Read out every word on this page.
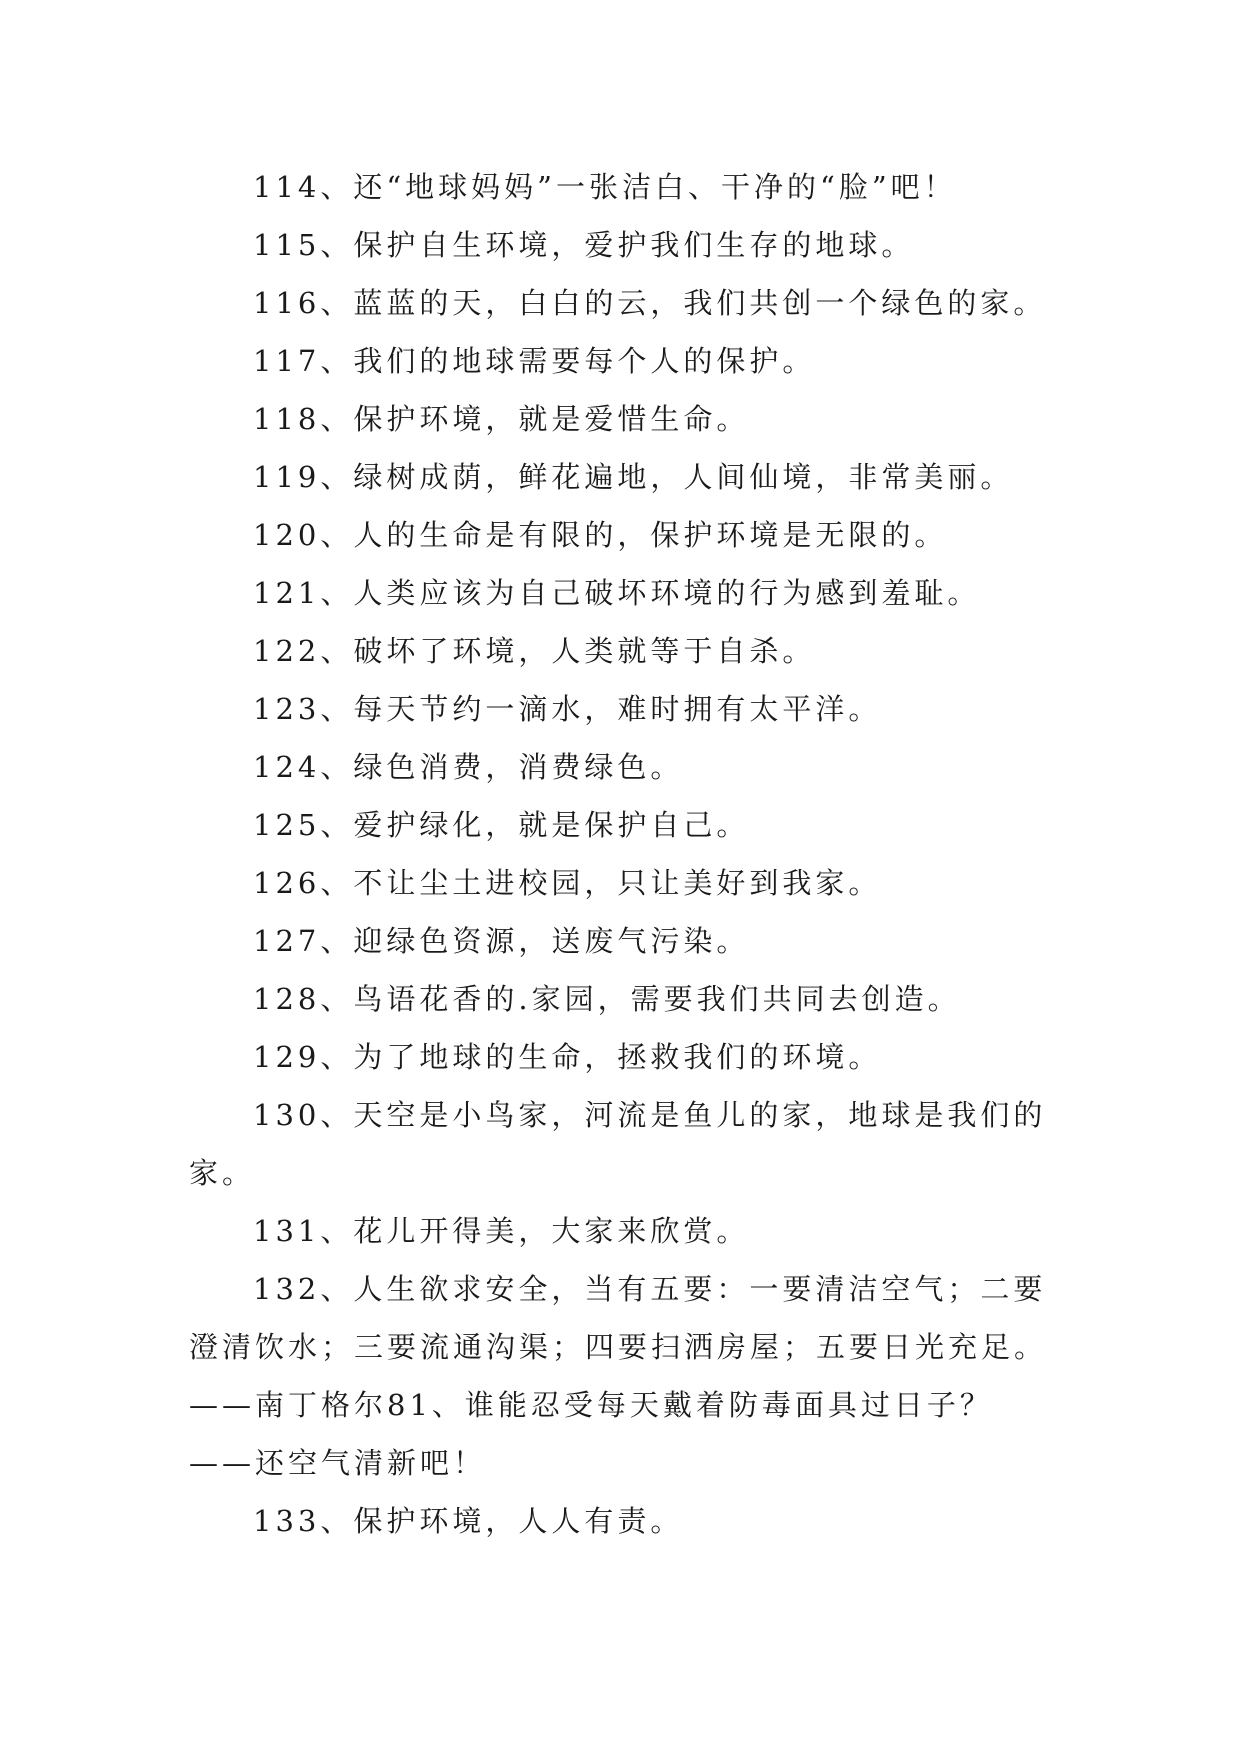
114、还“地球妈妈”一张洁白、干净的“脸”吧！

115、保护自生环境，爱护我们生存的地球。

116、蓝蓝的天，白白的云，我们共创一个绿色的家。

117、我们的地球需要每个人的保护。

118、保护环境，就是爱惜生命。

119、绿树成荫，鲜花遍地，人间仙境，非常美丽。

120、人的生命是有限的，保护环境是无限的。

121、人类应该为自己破坏环境的行为感到羞耻。

122、破坏了环境，人类就等于自杀。

123、每天节约一滴水，难时拥有太平洋。

124、绿色消费，消费绿色。

125、爱护绿化，就是保护自己。

126、不让尘土进校园，只让美好到我家。

127、迎绿色资源，送废气污染。

128、鸟语花香的.家园，需要我们共同去创造。

129、为了地球的生命，拯救我们的环境。

130、天空是小鸟家，河流是鱼儿的家，地球是我们的家。

131、花儿开得美，大家来欣赏。

132、人生欲求安全，当有五要：一要清洁空气；二要澄清饮水；三要流通沟渠；四要扫洒房屋；五要日光充足。——南丁格尔81、谁能忍受每天戴着防毒面具过日子？——还空气清新吧！

133、保护环境，人人有责。
